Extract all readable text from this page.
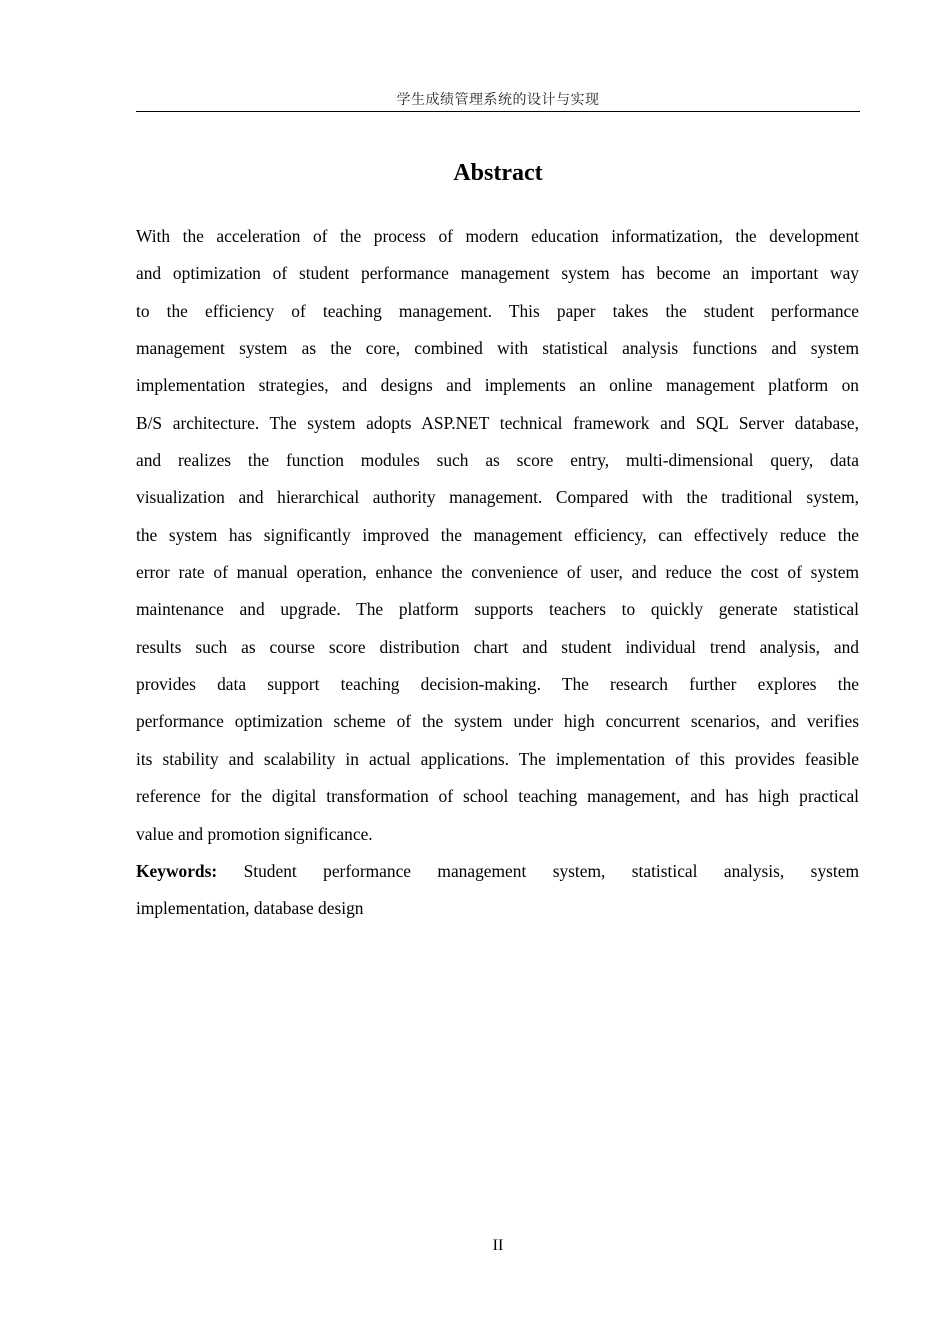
学生成绩管理系统的设计与实现
Abstract
With the acceleration of the process of modern education informatization, the development
and optimization of student performance management system has become an important way
to the efficiency of teaching management. This paper takes the student performance
management system as the core, combined with statistical analysis functions and system
implementation strategies, and designs and implements an online management platform on
B/S architecture. The system adopts ASP.NET technical framework and SQL Server database,
and realizes the function modules such as score entry, multi-dimensional query, data
visualization and hierarchical authority management. Compared with the traditional system,
the system has significantly improved the management efficiency, can effectively reduce the
error rate of manual operation, enhance the convenience of user, and reduce the cost of system
maintenance and upgrade. The platform supports teachers to quickly generate statistical
results such as course score distribution chart and student individual trend analysis, and
provides data support teaching decision-making. The research further explores the
performance optimization scheme of the system under high concurrent scenarios, and verifies
its stability and scalability in actual applications. The implementation of this provides feasible
reference for the digital transformation of school teaching management, and has high practical
value and promotion significance.
Keywords: Student performance management system, statistical analysis, system
implementation, database design
II
